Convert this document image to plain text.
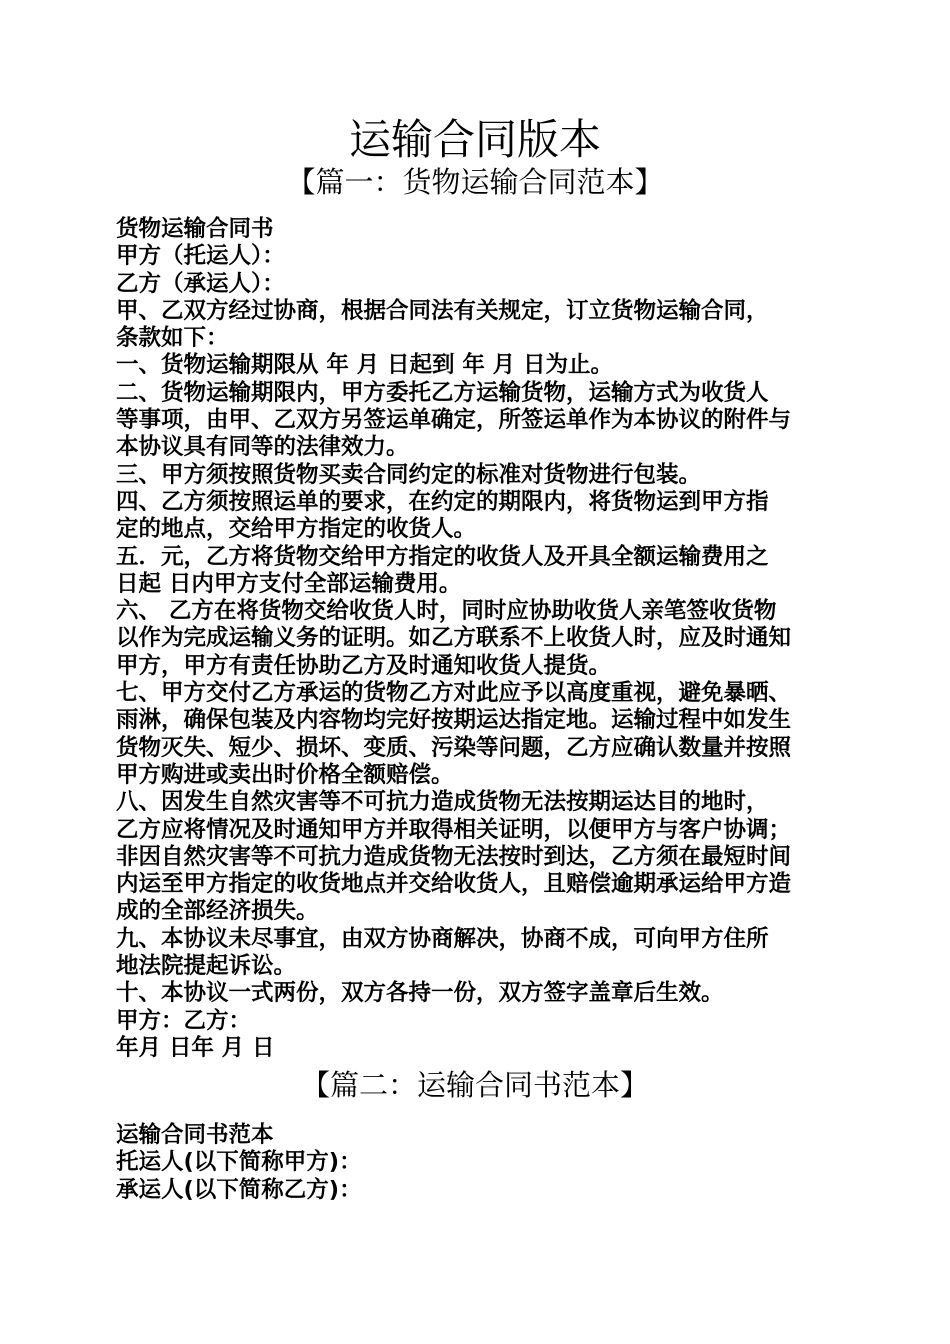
运输合同版本
【篇一：货物运输合同范本】
货物运输合同书
甲方（托运人）：
乙方（承运人）：
甲、乙双方经过协商，根据合同法有关规定，订立货物运输合同，
条款如下：
一、货物运输期限从 年 月 日起到 年 月 日为止。
二、货物运输期限内，甲方委托乙方运输货物，运输方式为收货人
等事项，由甲、乙双方另签运单确定，所签运单作为本协议的附件与
本协议具有同等的法律效力。
三、甲方须按照货物买卖合同约定的标准对货物进行包装。
四、乙方须按照运单的要求，在约定的期限内，将货物运到甲方指
定的地点，交给甲方指定的收货人。
五．元，乙方将货物交给甲方指定的收货人及开具全额运输费用之
日起 日内甲方支付全部运输费用。
六、 乙方在将货物交给收货人时，同时应协助收货人亲笔签收货物
以作为完成运输义务的证明。如乙方联系不上收货人时，应及时通知
甲方，甲方有责任协助乙方及时通知收货人提货。
七、甲方交付乙方承运的货物乙方对此应予以高度重视，避免暴晒、
雨淋，确保包装及内容物均完好按期运达指定地。运输过程中如发生
货物灭失、短少、损坏、变质、污染等问题，乙方应确认数量并按照
甲方购进或卖出时价格全额赔偿。
八、因发生自然灾害等不可抗力造成货物无法按期运达目的地时，
乙方应将情况及时通知甲方并取得相关证明，以便甲方与客户协调；
非因自然灾害等不可抗力造成货物无法按时到达，乙方须在最短时间
内运至甲方指定的收货地点并交给收货人，且赔偿逾期承运给甲方造
成的全部经济损失。
九、本协议未尽事宜，由双方协商解决，协商不成，可向甲方住所
地法院提起诉讼。
十、本协议一式两份，双方各持一份，双方签字盖章后生效。
甲方：乙方：
年月 日年 月 日
【篇二：运输合同书范本】
运输合同书范本
托运人(以下简称甲方)：
承运人(以下简称乙方)：
